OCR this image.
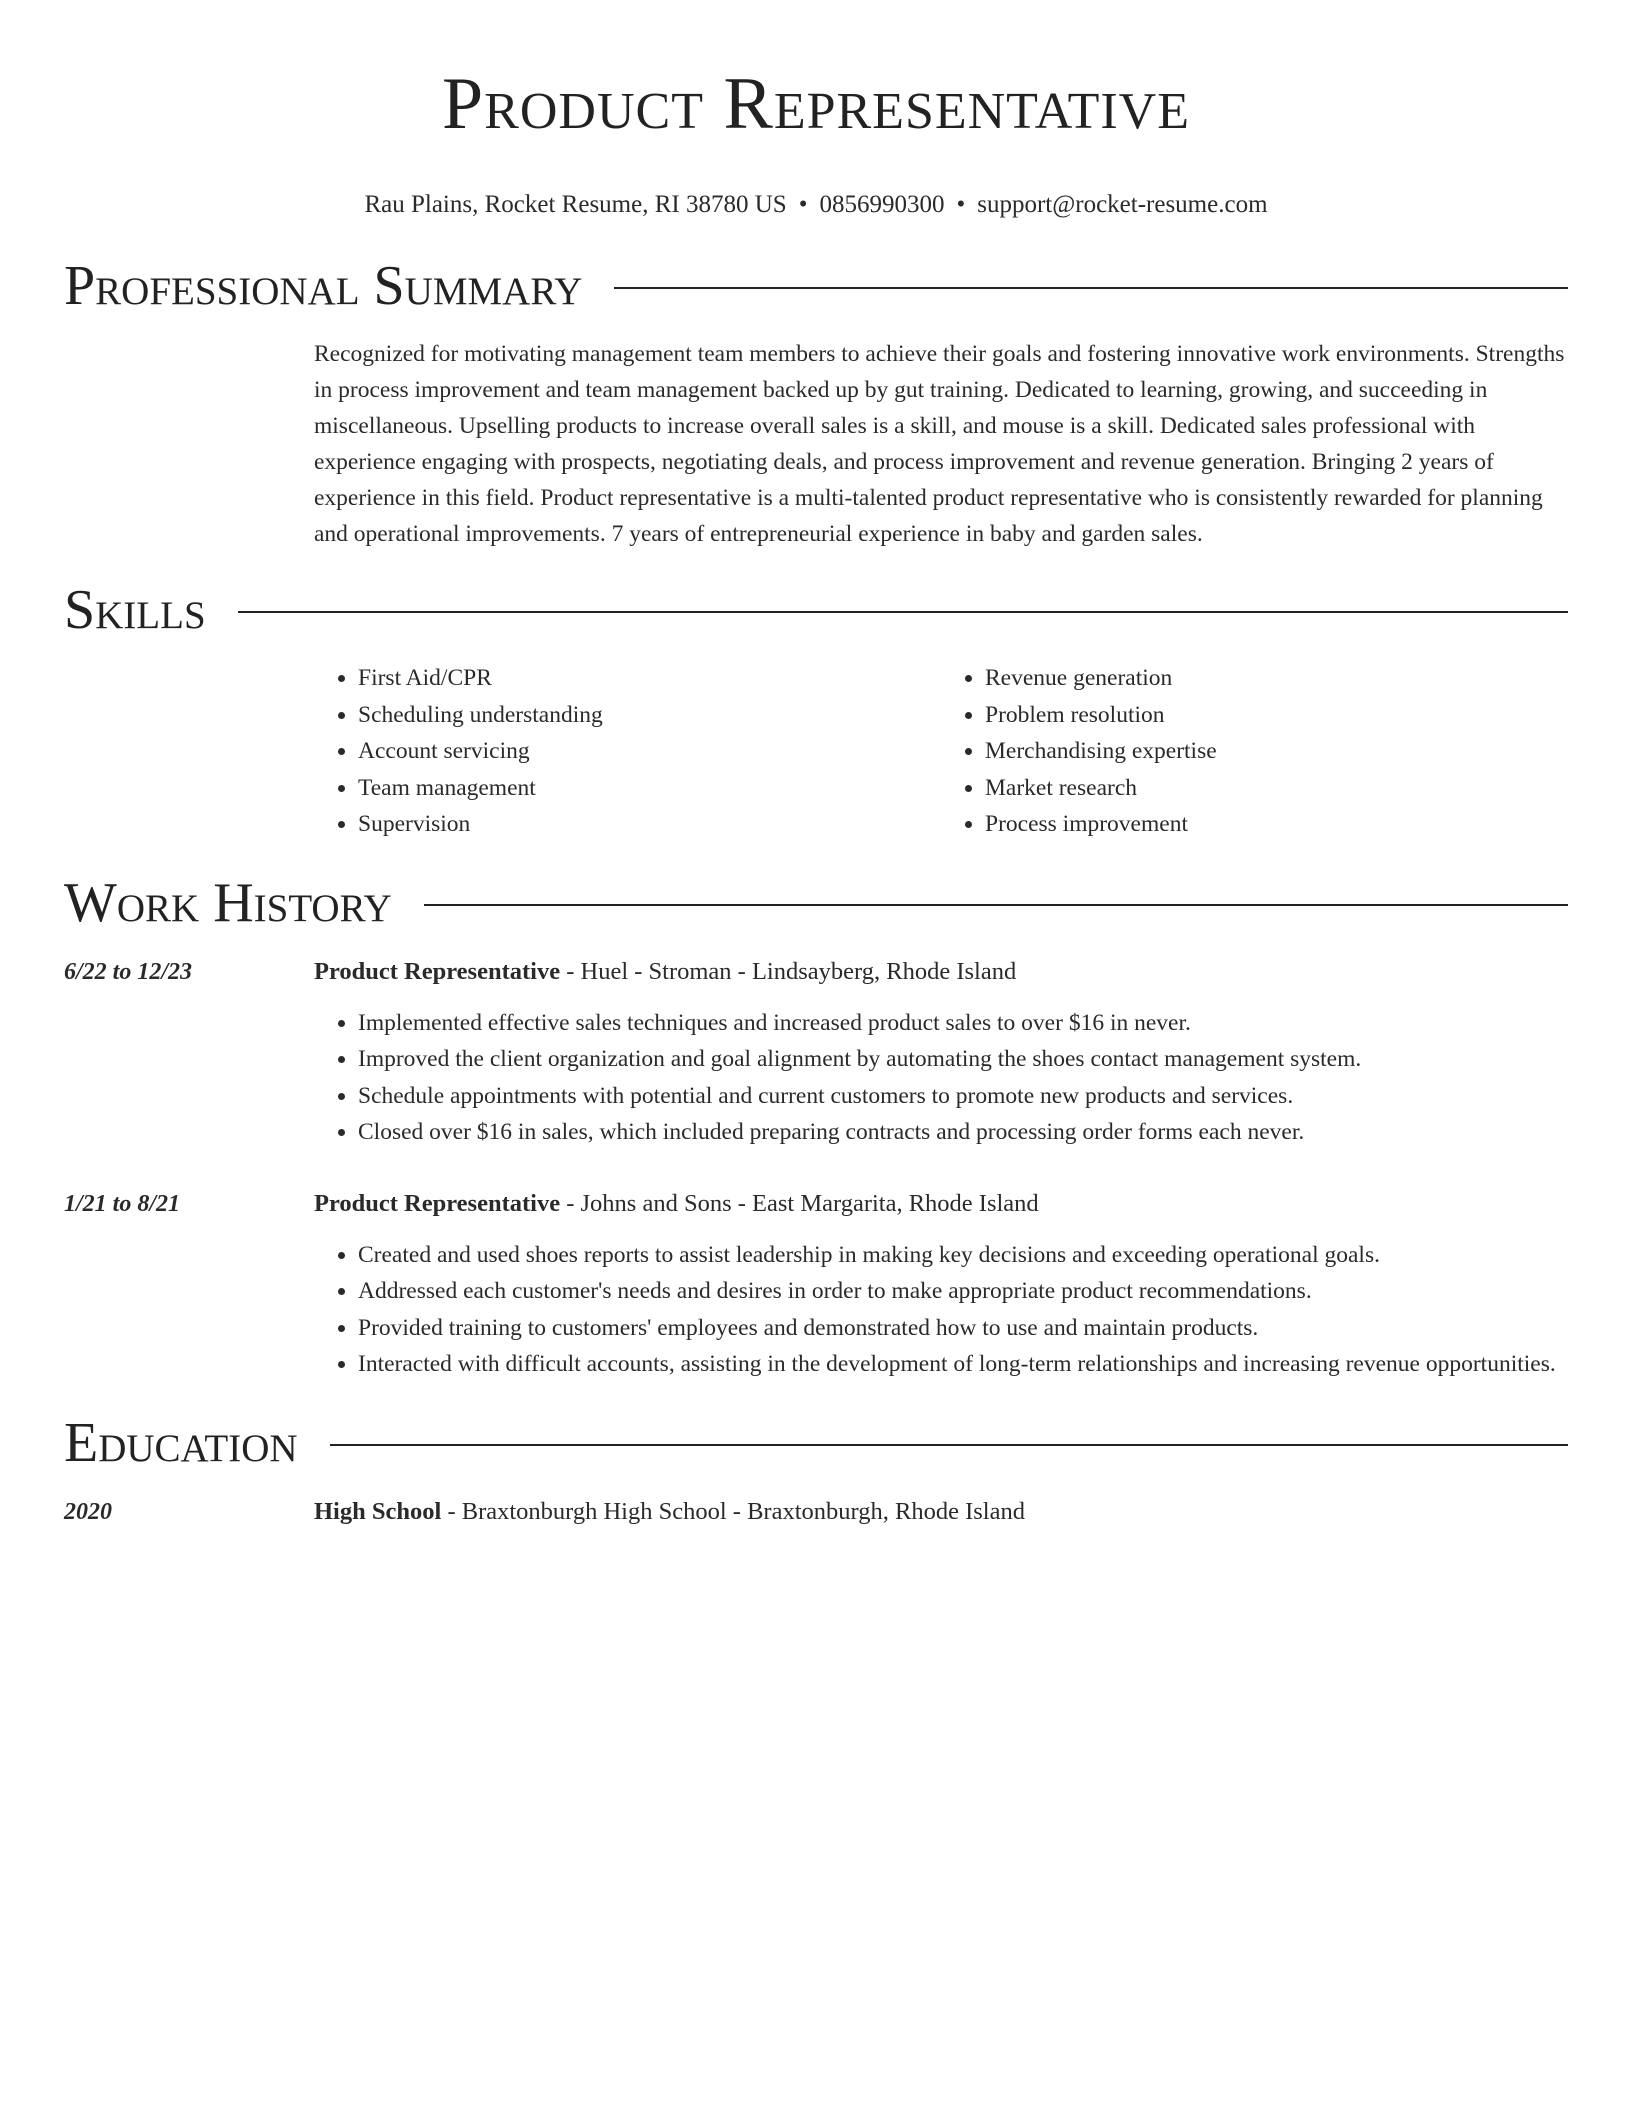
Product Representative
Rau Plains, Rocket Resume, RI 38780 US • 0856990300 • support@rocket-resume.com
Professional Summary

Recognized for motivating management team members to achieve their goals and fostering innovative work environments. Strengths in process improvement and team management backed up by gut training. Dedicated to learning, growing, and succeeding in miscellaneous. Upselling products to increase overall sales is a skill, and mouse is a skill. Dedicated sales professional with experience engaging with prospects, negotiating deals, and process improvement and revenue generation. Bringing 2 years of experience in this field. Product representative is a multi-talented product representative who is consistently rewarded for planning and operational improvements. 7 years of entrepreneurial experience in baby and garden sales.

Skills
• First Aid/CPR
• Scheduling understanding
• Account servicing
• Team management
• Supervision
• Revenue generation
• Problem resolution
• Merchandising expertise
• Market research
• Process improvement
Work History
6/22 to 12/23	Product Representative - Huel - Stroman - Lindsayberg, Rhode Island
• Implemented effective sales techniques and increased product sales to over $16 in never.
• Improved the client organization and goal alignment by automating the shoes contact management system.
• Schedule appointments with potential and current customers to promote new products and services.
• Closed over $16 in sales, which included preparing contracts and processing order forms each never.
1/21 to 8/21	Product Representative - Johns and Sons - East Margarita, Rhode Island
• Created and used shoes reports to assist leadership in making key decisions and exceeding operational goals.
• Addressed each customer's needs and desires in order to make appropriate product recommendations.
• Provided training to customers' employees and demonstrated how to use and maintain products.
• Interacted with difficult accounts, assisting in the development of long-term relationships and increasing revenue opportunities.
Education
2020	High School - Braxtonburgh High School - Braxtonburgh, Rhode Island
